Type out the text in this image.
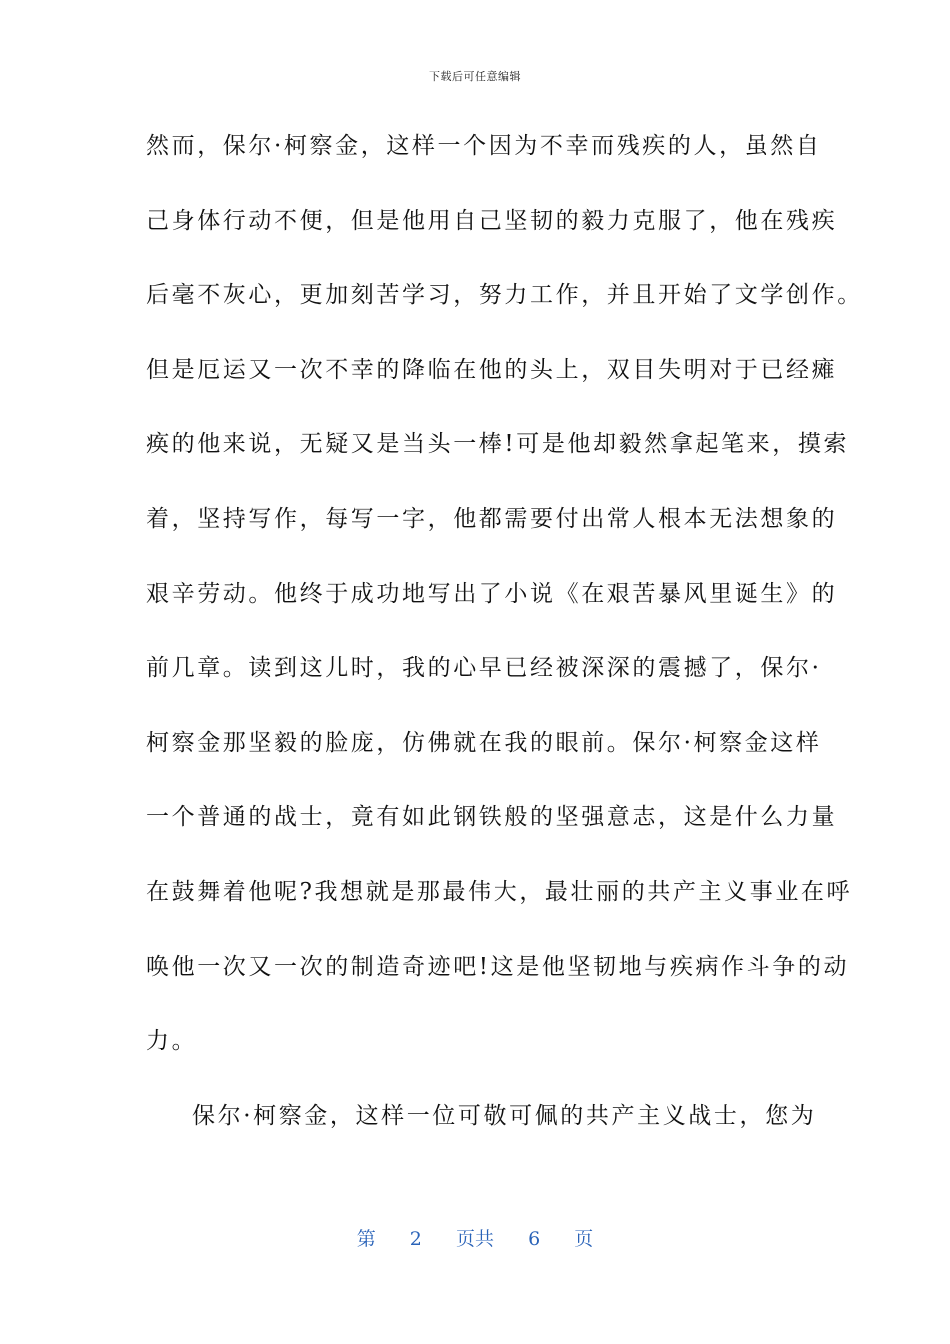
下载后可任意编辑
然而，保尔·柯察金，这样一个因为不幸而残疾的人，虽然自
己身体行动不便，但是他用自己坚韧的毅力克服了，他在残疾
后毫不灰心，更加刻苦学习，努力工作，并且开始了文学创作。
但是厄运又一次不幸的降临在他的头上，双目失明对于已经瘫
痪的他来说，无疑又是当头一棒!可是他却毅然拿起笔来，摸索
着，坚持写作，每写一字，他都需要付出常人根本无法想象的
艰辛劳动。他终于成功地写出了小说《在艰苦暴风里诞生》的
前几章。读到这儿时，我的心早已经被深深的震撼了，保尔·
柯察金那坚毅的脸庞，仿佛就在我的眼前。保尔·柯察金这样
一个普通的战士，竟有如此钢铁般的坚强意志，这是什么力量
在鼓舞着他呢?我想就是那最伟大，最壮丽的共产主义事业在呼
唤他一次又一次的制造奇迹吧!这是他坚韧地与疾病作斗争的动
力。
保尔·柯察金，这样一位可敬可佩的共产主义战士，您为
第 2 页共 6 页
